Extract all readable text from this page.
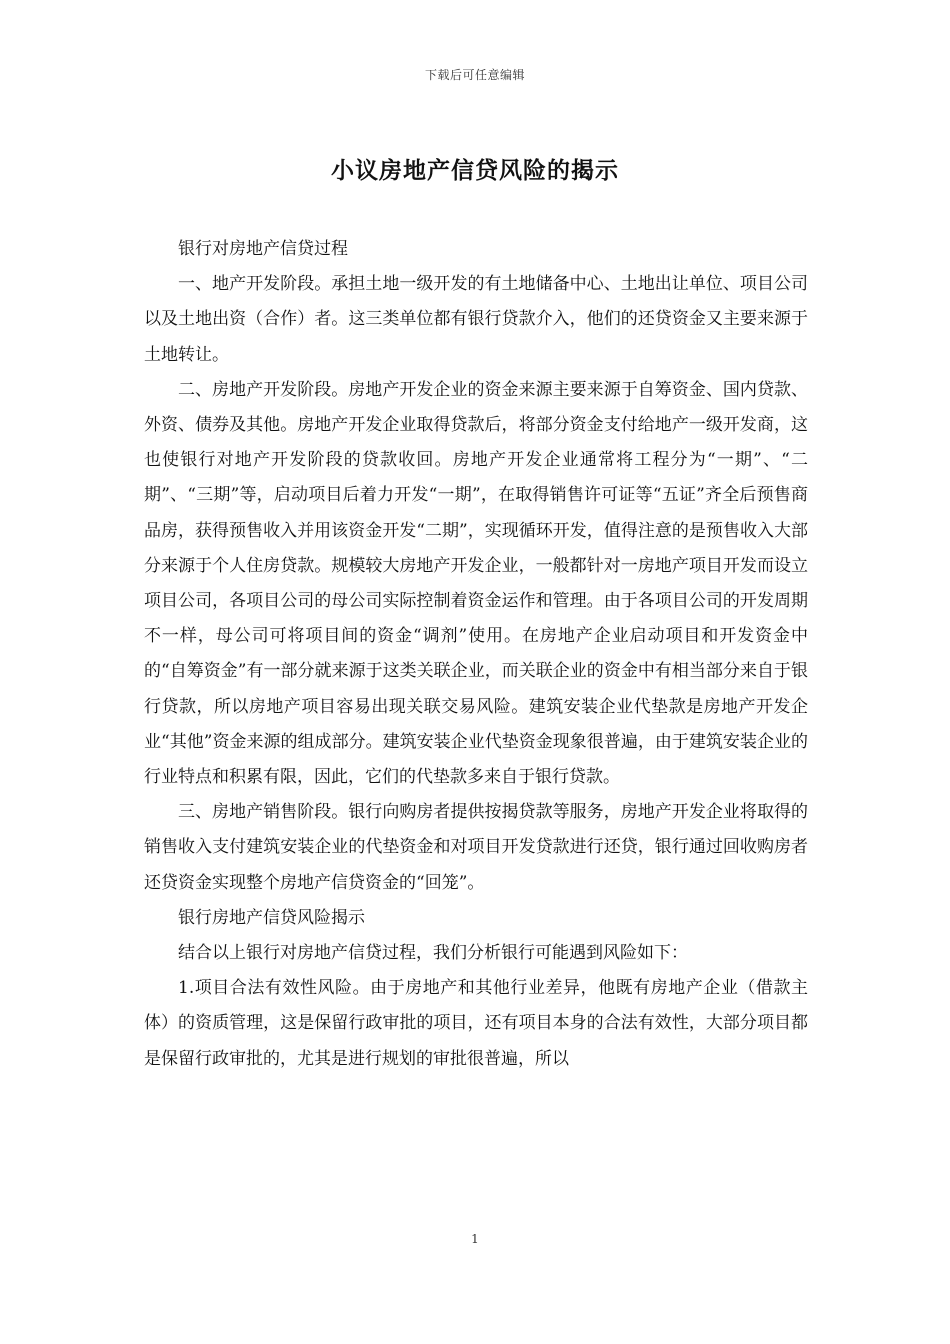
下载后可任意编辑
小议房地产信贷风险的揭示

银行对房地产信贷过程

一、地产开发阶段。承担土地一级开发的有土地储备中心、土地出让单位、项目公司以及土地出资（合作）者。这三类单位都有银行贷款介入，他们的还贷资金又主要来源于土地转让。

二、房地产开发阶段。房地产开发企业的资金来源主要来源于自筹资金、国内贷款、外资、债券及其他。房地产开发企业取得贷款后，将部分资金支付给地产一级开发商，这也使银行对地产开发阶段的贷款收回。房地产开发企业通常将工程分为“一期”、“二期”、“三期”等，启动项目后着力开发“一期”，在取得销售许可证等“五证”齐全后预售商品房，获得预售收入并用该资金开发“二期”，实现循环开发，值得注意的是预售收入大部分来源于个人住房贷款。规模较大房地产开发企业，一般都针对一房地产项目开发而设立项目公司，各项目公司的母公司实际控制着资金运作和管理。由于各项目公司的开发周期不一样，母公司可将项目间的资金“调剂”使用。在房地产企业启动项目和开发资金中的“自筹资金”有一部分就来源于这类关联企业，而关联企业的资金中有相当部分来自于银行贷款，所以房地产项目容易出现关联交易风险。建筑安装企业代垫款是房地产开发企业“其他”资金来源的组成部分。建筑安装企业代垫资金现象很普遍，由于建筑安装企业的行业特点和积累有限，因此，它们的代垫款多来自于银行贷款。

三、房地产销售阶段。银行向购房者提供按揭贷款等服务，房地产开发企业将取得的销售收入支付建筑安装企业的代垫资金和对项目开发贷款进行还贷，银行通过回收购房者还贷资金实现整个房地产信贷资金的“回笼”。

银行房地产信贷风险揭示

结合以上银行对房地产信贷过程，我们分析银行可能遇到风险如下：

1.项目合法有效性风险。由于房地产和其他行业差异，他既有房地产企业（借款主体）的资质管理，这是保留行政审批的项目，还有项目本身的合法有效性，大部分项目都是保留行政审批的，尤其是进行规划的审批很普遍，所以

1
